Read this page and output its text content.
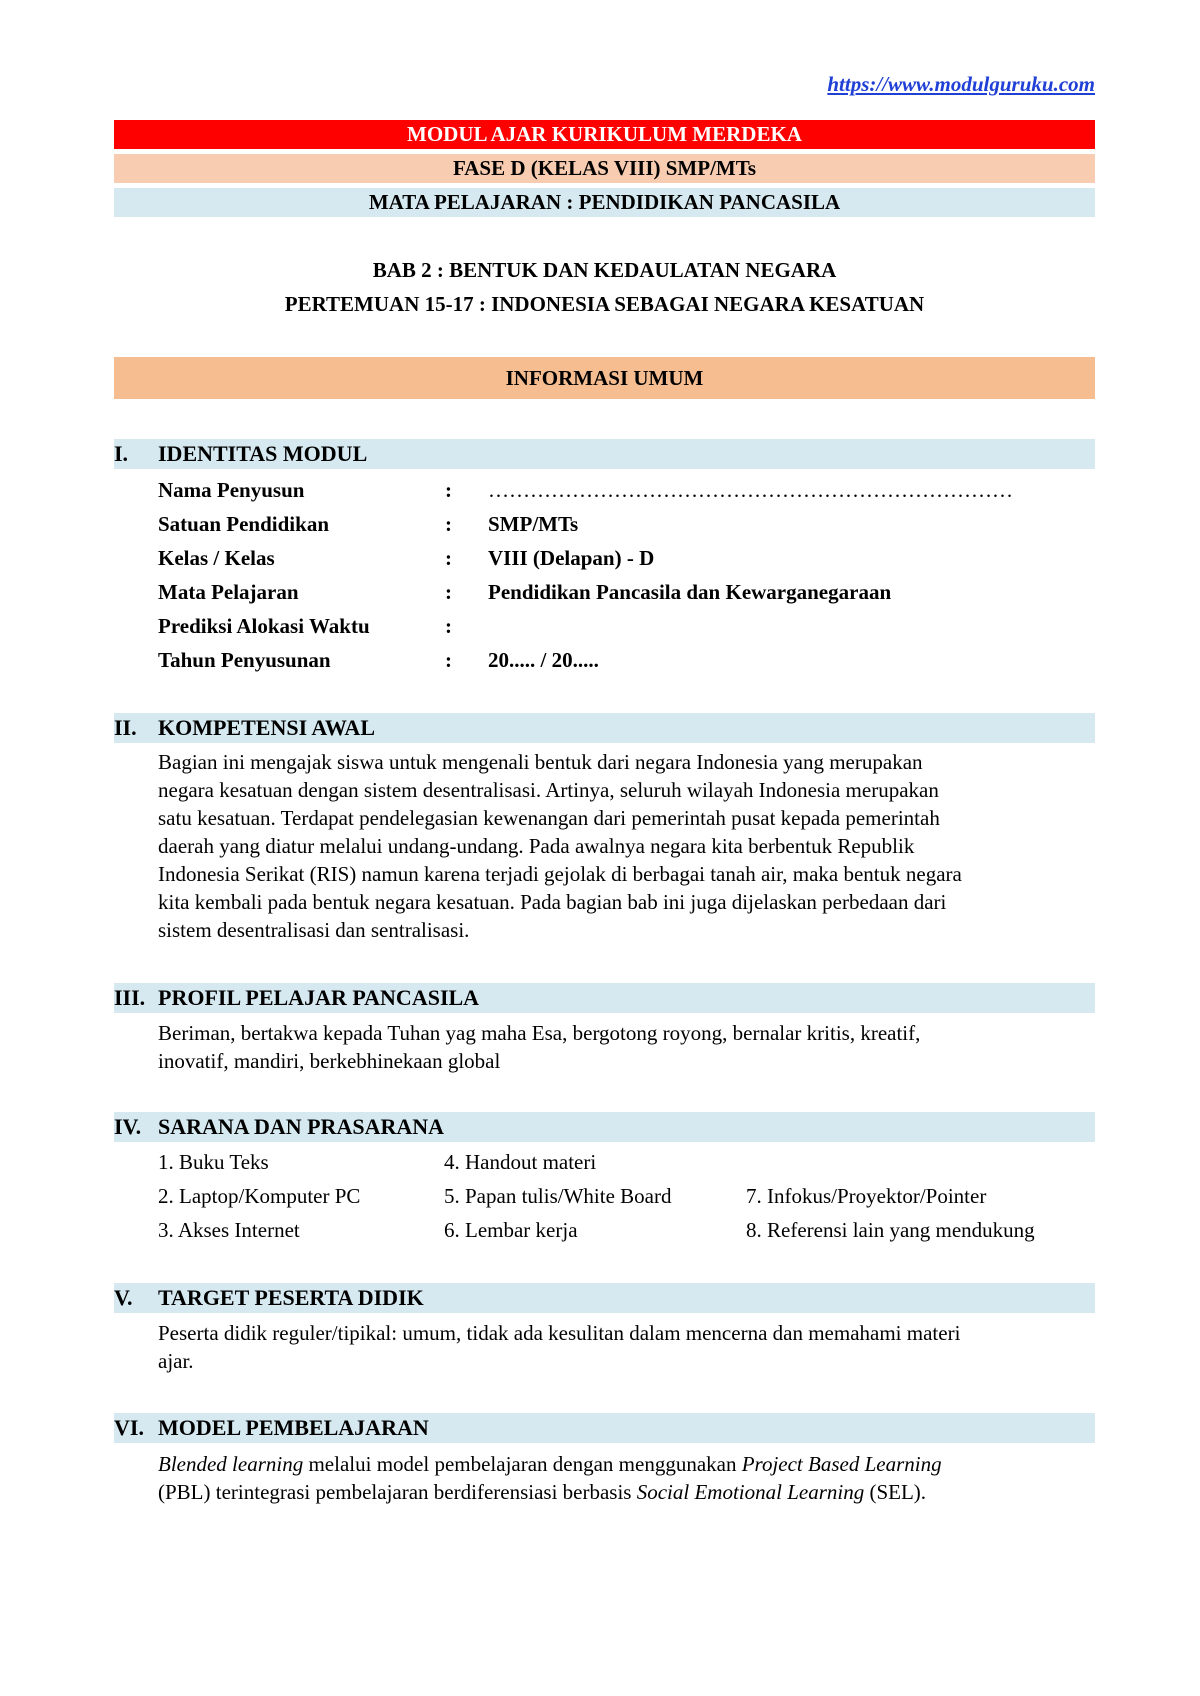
https://www.modulguruku.com
MODUL AJAR KURIKULUM MERDEKA
FASE D (KELAS VIII) SMP/MTs
MATA PELAJARAN : PENDIDIKAN PANCASILA
BAB 2 : BENTUK DAN KEDAULATAN NEGARA
PERTEMUAN 15-17 : INDONESIA SEBAGAI NEGARA KESATUAN
INFORMASI UMUM
I. IDENTITAS MODUL
Nama Penyusun	: …………………………………………………………………
Satuan Pendidikan	: SMP/MTs
Kelas / Kelas	: VIII (Delapan) - D
Mata Pelajaran	: Pendidikan Pancasila dan Kewarganegaraan
Prediksi Alokasi Waktu	:
Tahun Penyusunan	: 20..... / 20.....
II. KOMPETENSI AWAL
Bagian ini mengajak siswa untuk mengenali bentuk dari negara Indonesia yang merupakan
negara kesatuan dengan sistem desentralisasi. Artinya, seluruh wilayah Indonesia merupakan
satu kesatuan. Terdapat pendelegasian kewenangan dari pemerintah pusat kepada pemerintah
daerah yang diatur melalui undang-undang. Pada awalnya negara kita berbentuk Republik
Indonesia Serikat (RIS) namun karena terjadi gejolak di berbagai tanah air, maka bentuk negara
kita kembali pada bentuk negara kesatuan. Pada bagian bab ini juga dijelaskan perbedaan dari
sistem desentralisasi dan sentralisasi.
III. PROFIL PELAJAR PANCASILA
Beriman, bertakwa kepada Tuhan yag maha Esa, bergotong royong, bernalar kritis, kreatif,
inovatif, mandiri, berkebhinekaan global
IV. SARANA DAN PRASARANA
1. Buku Teks	4. Handout materi
2. Laptop/Komputer PC	5. Papan tulis/White Board	7. Infokus/Proyektor/Pointer
3. Akses Internet	6. Lembar kerja	8. Referensi lain yang mendukung
V. TARGET PESERTA DIDIK
Peserta didik reguler/tipikal: umum, tidak ada kesulitan dalam mencerna dan memahami materi
ajar.
VI. MODEL PEMBELAJARAN
Blended learning melalui model pembelajaran dengan menggunakan Project Based Learning
(PBL) terintegrasi pembelajaran berdiferensiasi berbasis Social Emotional Learning (SEL).
